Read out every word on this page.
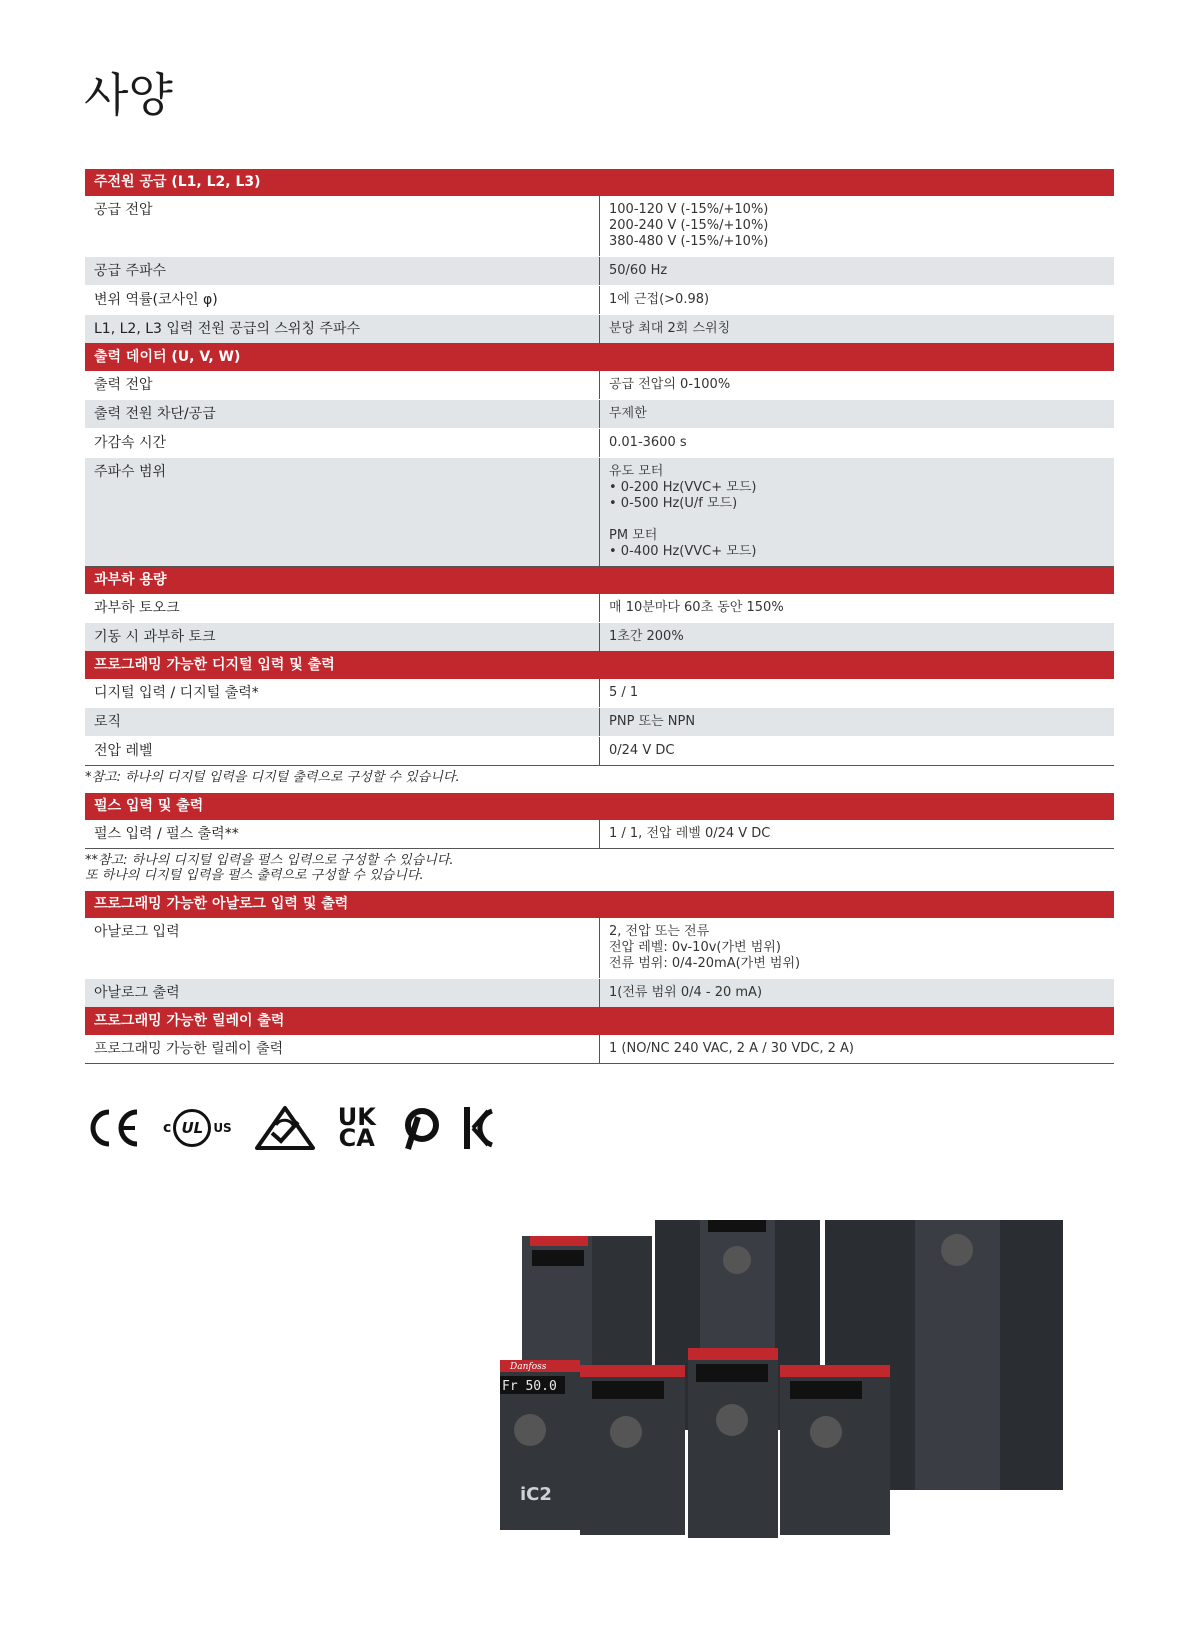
사양
주전원 공급 (L1, L2, L3)
공급 전압	100-120 V (-15%/+10%)
200-240 V (-15%/+10%)
380-480 V (-15%/+10%)
공급 주파수	50/60 Hz
변위 역률(코사인 φ)	1에 근접(>0.98)
L1, L2, L3 입력 전원 공급의 스위칭 주파수	분당 최대 2회 스위칭
출력 데이터 (U, V, W)
출력 전압	공급 전압의 0-100%
출력 전원 차단/공급	무제한
가감속 시간	0.01-3600 s
주파수 범위	유도 모터
• 0-200 Hz(VVC+ 모드)
• 0-500 Hz(U/f 모드)
PM 모터
• 0-400 Hz(VVC+ 모드)
과부하 용량
과부하 토오크	매 10분마다 60초 동안 150%
기동 시 과부하 토크	1초간 200%
프로그래밍 가능한 디지털 입력 및 출력
디지털 입력 / 디지털 출력*	5 / 1
로직	PNP 또는 NPN
전압 레벨	0/24 V DC
*참고: 하나의 디지털 입력을 디지털 출력으로 구성할 수 있습니다.
펄스 입력 및 출력
펄스 입력 / 펄스 출력**	1 / 1, 전압 레벨 0/24 V DC
**참고: 하나의 디지털 입력을 펄스 입력으로 구성할 수 있습니다.
또 하나의 디지털 입력을 펄스 출력으로 구성할 수 있습니다.
프로그래밍 가능한 아날로그 입력 및 출력
아날로그 입력	2, 전압 또는 전류
전압 레벨: 0v-10v(가변 범위)
전류 범위: 0/4-20mA(가변 범위)
아날로그 출력	1(전류 범위 0/4 - 20 mA)
프로그래밍 가능한 릴레이 출력
프로그래밍 가능한 릴레이 출력	1 (NO/NC 240 VAC, 2 A / 30 VDC, 2 A)
c UL US	UK
CA
Fr 50.0
iC2
Danfoss
